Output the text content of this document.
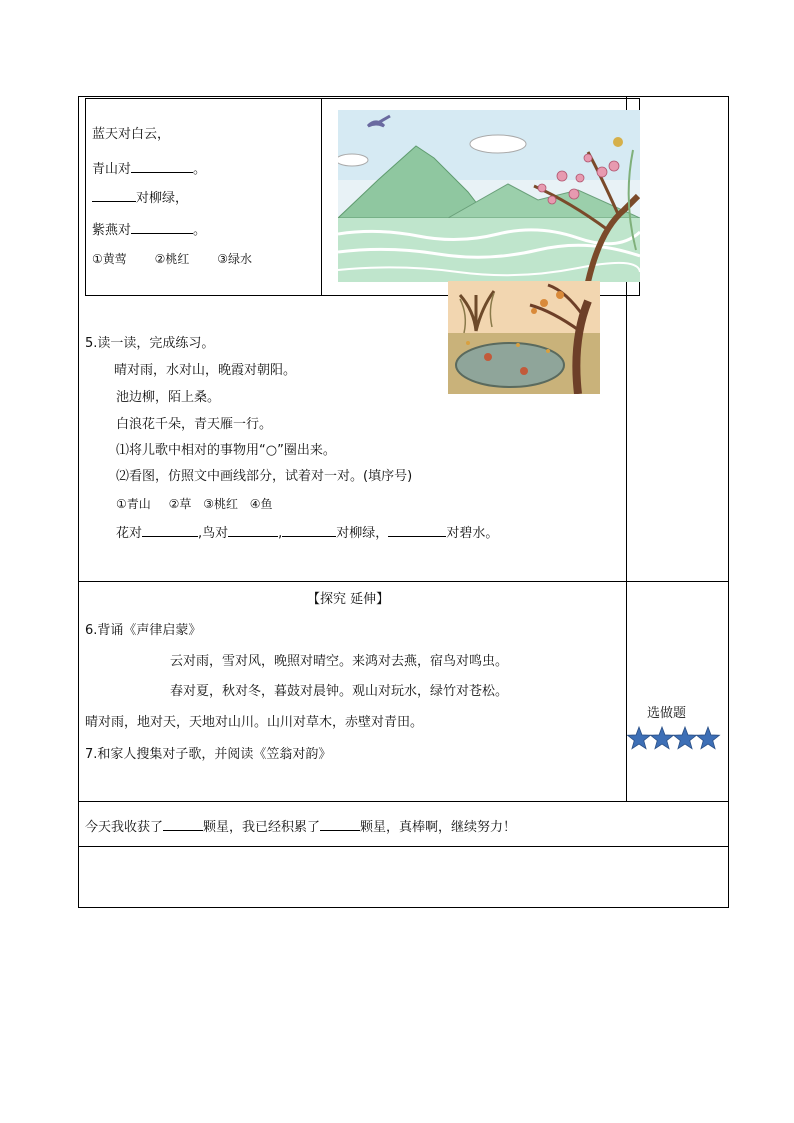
蓝天对白云，
青山对	。
对柳绿，
紫燕对	。
①黄莺 ②桃红 ③绿水
5.读一读，完成练习。
晴对雨，水对山，晚霞对朝阳。
池边柳，陌上桑。
白浪花千朵，青天雁一行。
⑴将儿歌中相对的事物用“○”圈出来。
⑵看图，仿照文中画线部分，试着对一对。(填序号)
①青山 ②草 ③桃红 ④鱼
花对	,鸟对	,	对柳绿，	对碧水。
【探究 延伸】
6.背诵《声律启蒙》
云对雨，雪对风，晚照对晴空。来鸿对去燕，宿鸟对鸣虫。
春对夏，秋对冬，暮鼓对晨钟。观山对玩水，绿竹对苍松。
晴对雨，地对天，天地对山川。山川对草木，赤壁对青田。
7.和家人搜集对子歌，并阅读《笠翁对韵》
选做题
今天我收获了	颗星，我已经积累了	颗星，真棒啊，继续努力！
